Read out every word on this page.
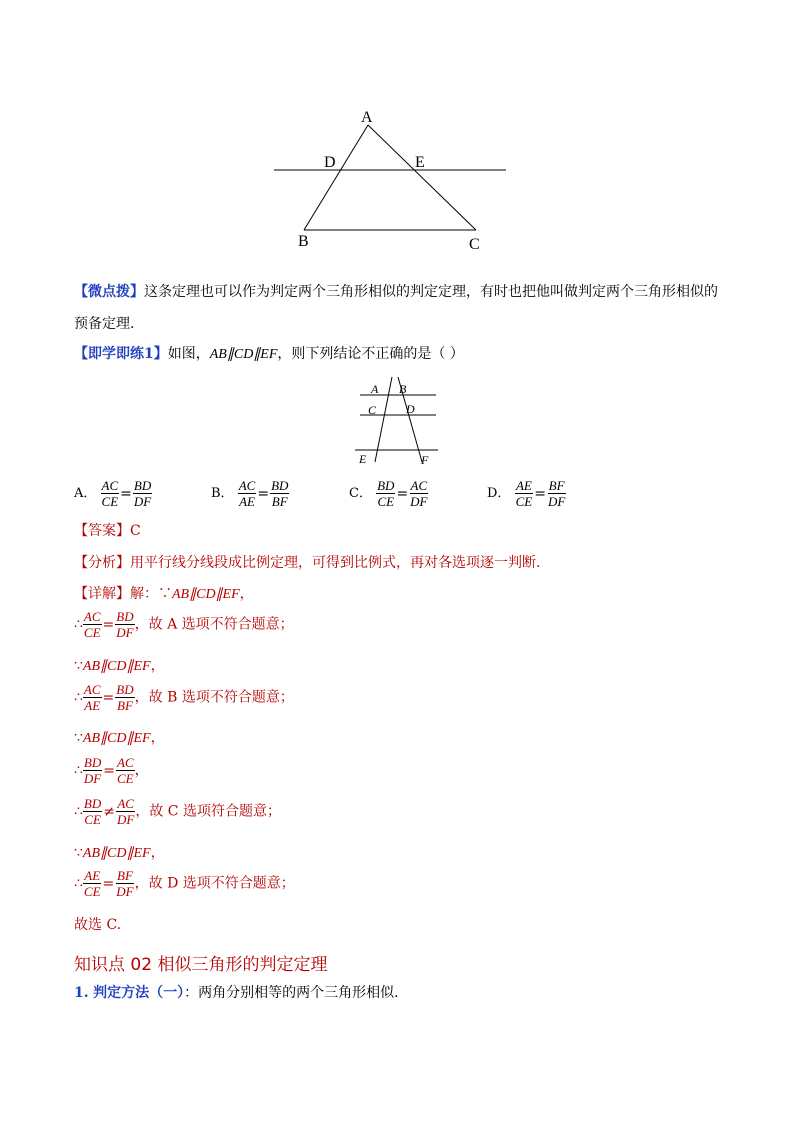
A
D	E
B	C
【微点拨】这条定理也可以作为判定两个三角形相似的判定定理，有时也把他叫做判定两个三角形相似的
预备定理.
【即学即练1】如图，AB∥CD∥EF，则下列结论不正确的是（ ）
A B
C D
E	F
A． $\frac{AC}{CE} = \frac{BD}{DF}$	B． $\frac{AC}{AE} = \frac{BD}{BF}$	C． $\frac{BD}{CE} = \frac{AC}{DF}$	D． $\frac{AE}{CE} = \frac{BF}{DF}$
【答案】C
【分析】用平行线分线段成比例定理，可得到比例式，再对各选项逐一判断.
【详解】解：∵AB∥CD∥EF，
∴ $\frac{AC}{CE} = \frac{BD}{DF}$ ，故 A 选项不符合题意；
∵AB∥CD∥EF，
∴ $\frac{AC}{AE} = \frac{BD}{BF}$ ，故 B 选项不符合题意；
∵AB∥CD∥EF，
∴ $\frac{BD}{DF} = \frac{AC}{CE}$ ，
∴ $\frac{BD}{CE} \ne \frac{AC}{DF}$ ，故 C 选项符合题意；
∵AB∥CD∥EF，
∴ $\frac{AE}{CE} = \frac{BF}{DF}$ ，故 D 选项不符合题意；
故选 C.
知识点 02 相似三角形的判定定理
1. 判定方法（一）：两角分别相等的两个三角形相似.
